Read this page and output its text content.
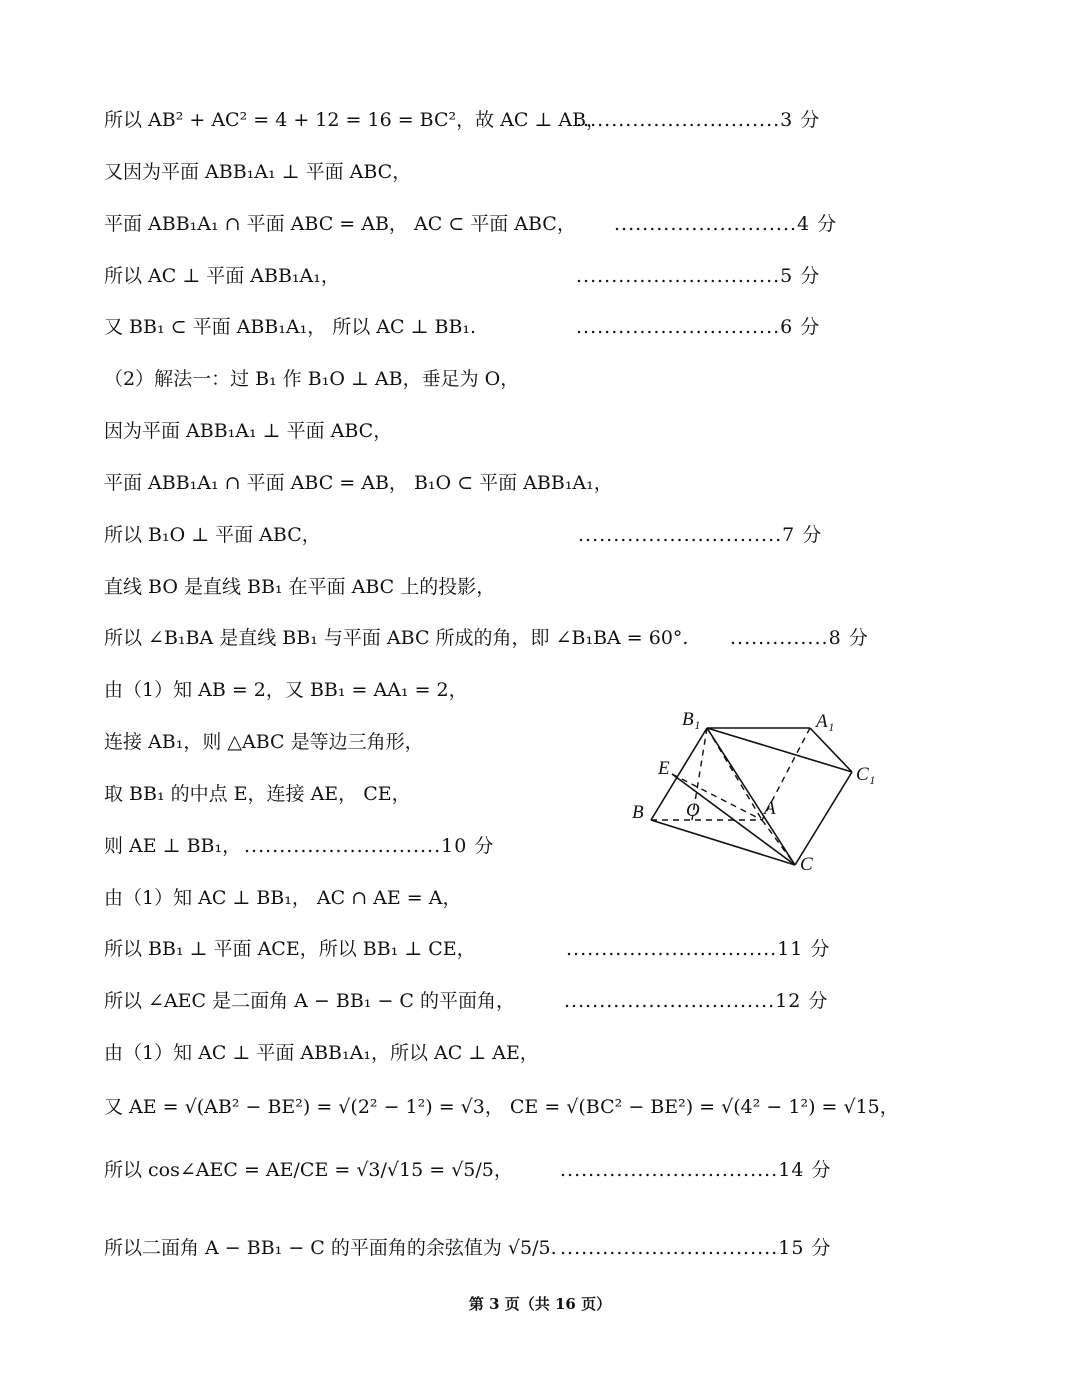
所以 AB² + AC² = 4 + 12 = 16 = BC²，故 AC ⊥ AB，
.............................3 分
又因为平面 ABB₁A₁ ⊥ 平面 ABC，
平面 ABB₁A₁ ∩ 平面 ABC = AB， AC ⊂ 平面 ABC， ..........................4 分
所以 AC ⊥ 平面 ABB₁A₁，	.............................5 分
又 BB₁ ⊂ 平面 ABB₁A₁， 所以 AC ⊥ BB₁.	.............................6 分
（2）解法一：过 B₁ 作 B₁O ⊥ AB，垂足为 O，
因为平面 ABB₁A₁ ⊥ 平面 ABC，
平面 ABB₁A₁ ∩ 平面 ABC = AB， B₁O ⊂ 平面 ABB₁A₁，
所以 B₁O ⊥ 平面 ABC，	.............................7 分
直线 BO 是直线 BB₁ 在平面 ABC 上的投影，
所以 ∠B₁BA 是直线 BB₁ 与平面 ABC 所成的角，即 ∠B₁BA = 60°. ..............8 分
由（1）知 AB = 2，又 BB₁ = AA₁ = 2，
连接 AB₁，则 △ABC 是等边三角形，
取 BB₁ 的中点 E，连接 AE， CE，
则 AE ⊥ BB₁， ............................10 分
由（1）知 AC ⊥ BB₁， AC ∩ AE = A，
所以 BB₁ ⊥ 平面 ACE，所以 BB₁ ⊥ CE，	..............................11 分
所以 ∠AEC 是二面角 A − BB₁ − C 的平面角，	..............................12 分
由（1）知 AC ⊥ 平面 ABB₁A₁，所以 AC ⊥ AE，
又 AE = √(AB² − BE²) = √(2² − 1²) = √3， CE = √(BC² − BE²) = √(4² − 1²) = √15，
所以 cos∠AEC = AE/CE = √3/√15 = √5/5， ...............................14 分
所以二面角 A − BB₁ − C 的平面角的余弦值为 √5/5. ...............................15 分
B₁	A₁
C₁
E
B O	A
C
第 3 页（共 16 页）
